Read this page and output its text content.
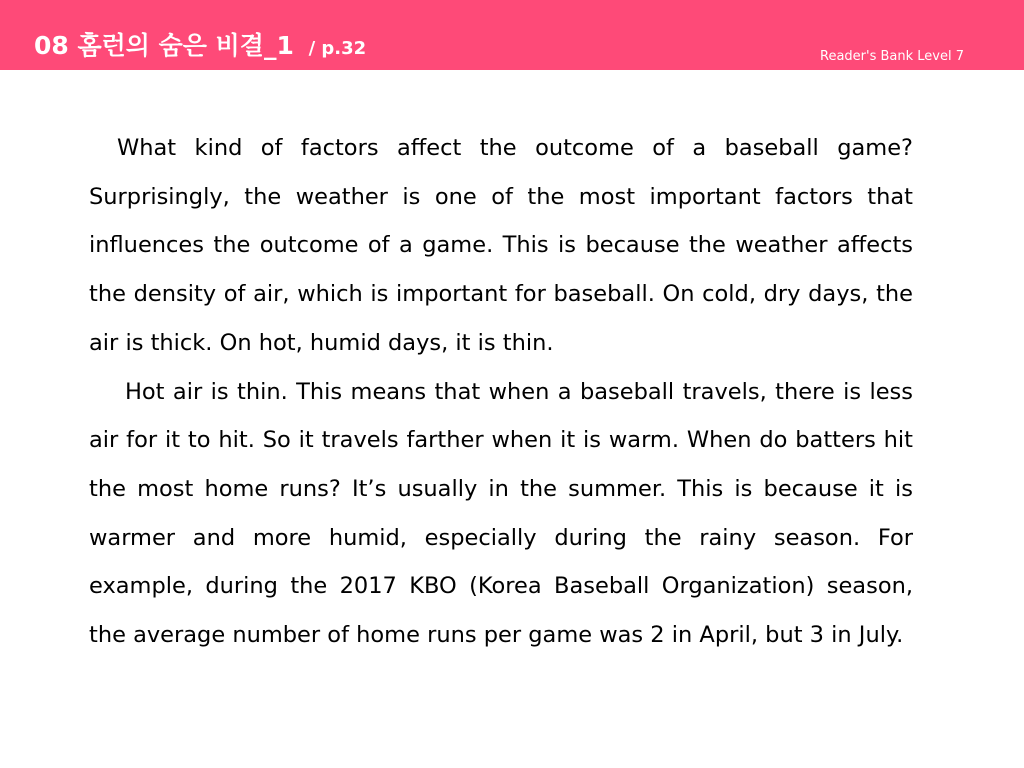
08 홈런의 숨은 비결_1 / p.32	Reader's Bank Level 7

What kind of factors affect the outcome of a baseball game? Surprisingly, the weather is one of the most important factors that influences the outcome of a game. This is because the weather affects the density of air, which is important for baseball. On cold, dry days, the air is thick. On hot, humid days, it is thin.

Hot air is thin. This means that when a baseball travels, there is less air for it to hit. So it travels farther when it is warm. When do batters hit the most home runs? It’s usually in the summer. This is because it is warmer and more humid, especially during the rainy season. For example, during the 2017 KBO (Korea Baseball Organization) season, the average number of home runs per game was 2 in April, but 3 in July.
